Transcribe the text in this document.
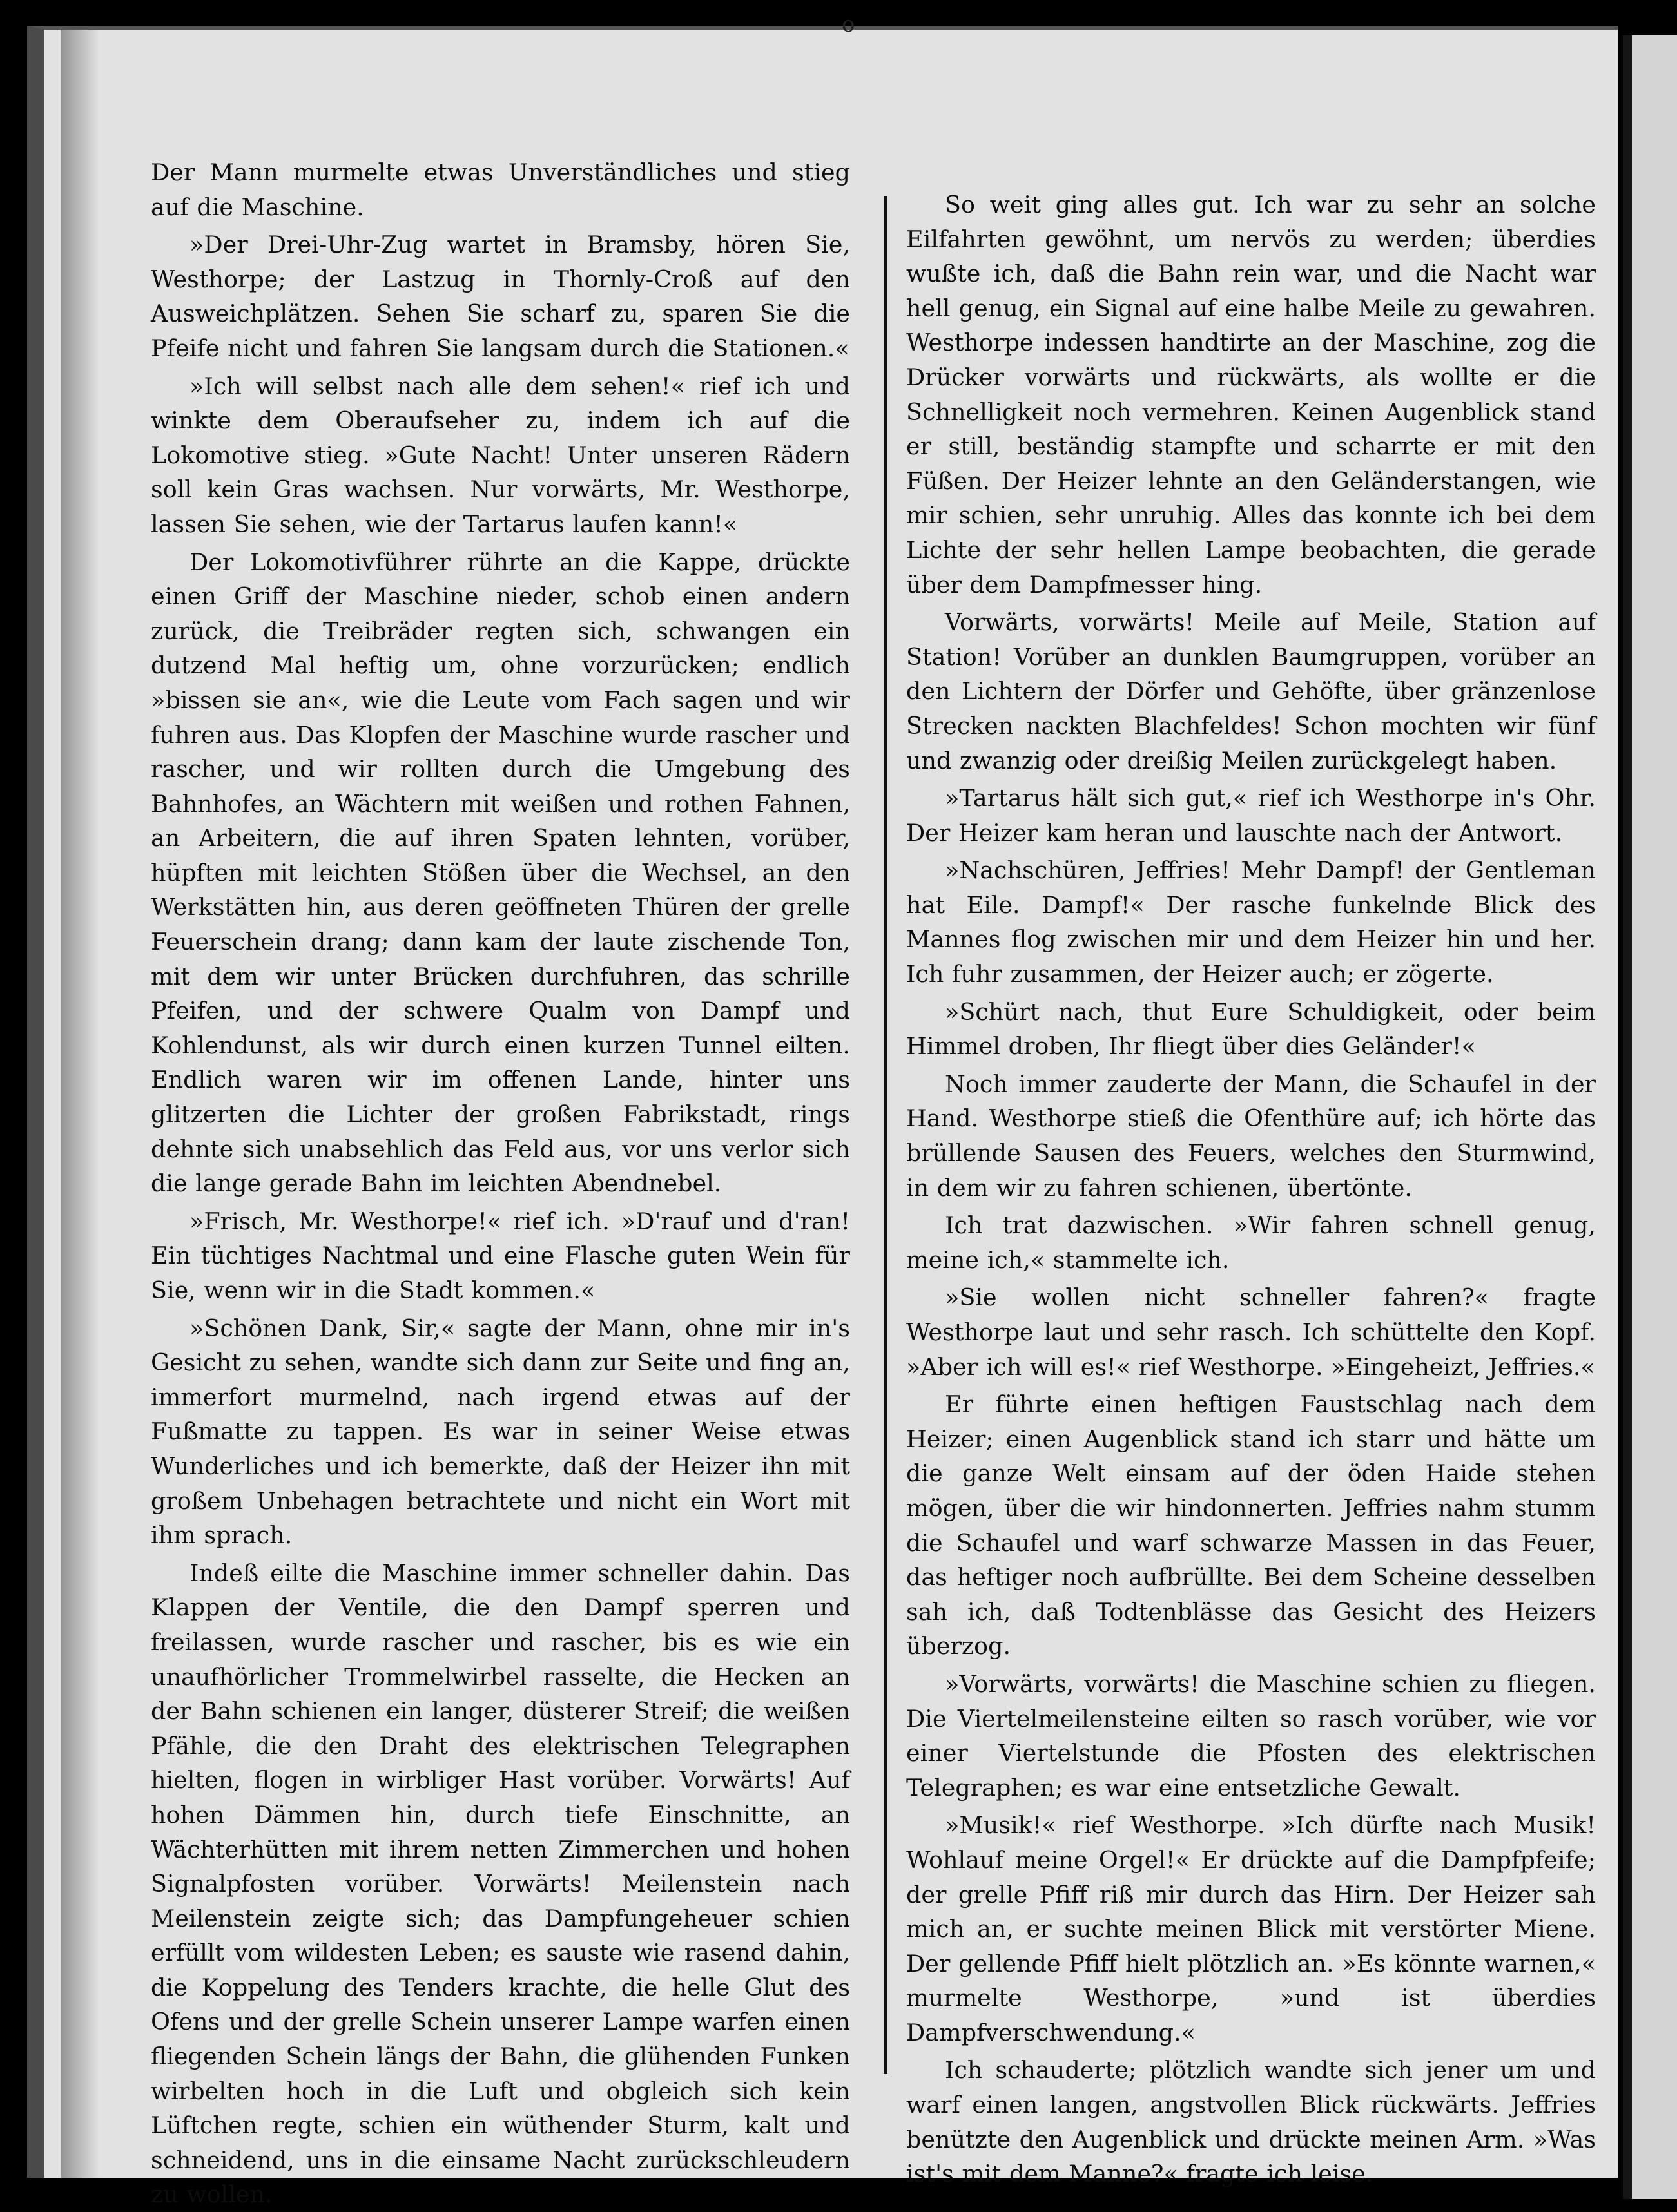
o

Der Mann murmelte etwas Unverständliches und stieg auf die Maschine.

»Der Drei-Uhr-Zug wartet in Bramsby, hören Sie, Westhorpe; der Lastzug in Thornly-Croß auf den Ausweichplätzen. Sehen Sie scharf zu, sparen Sie die Pfeife nicht und fahren Sie langsam durch die Stationen.«

»Ich will selbst nach alle dem sehen!« rief ich und winkte dem Oberaufseher zu, indem ich auf die Lokomotive stieg. »Gute Nacht! Unter unseren Rädern soll kein Gras wachsen. Nur vorwärts, Mr. Westhorpe, lassen Sie sehen, wie der Tartarus laufen kann!«

Der Lokomotivführer rührte an die Kappe, drückte einen Griff der Maschine nieder, schob einen andern zurück, die Treibräder regten sich, schwangen ein dutzend Mal heftig um, ohne vorzurücken; endlich »bissen sie an«, wie die Leute vom Fach sagen und wir fuhren aus. Das Klopfen der Maschine wurde rascher und rascher, und wir rollten durch die Umgebung des Bahnhofes, an Wächtern mit weißen und rothen Fahnen, an Arbeitern, die auf ihren Spaten lehnten, vorüber, hüpften mit leichten Stößen über die Wechsel, an den Werkstätten hin, aus deren geöffneten Thüren der grelle Feuerschein drang; dann kam der laute zischende Ton, mit dem wir unter Brücken durchfuhren, das schrille Pfeifen, und der schwere Qualm von Dampf und Kohlendunst, als wir durch einen kurzen Tunnel eilten. Endlich waren wir im offenen Lande, hinter uns glitzerten die Lichter der großen Fabrikstadt, rings dehnte sich unabsehlich das Feld aus, vor uns verlor sich die lange gerade Bahn im leichten Abendnebel.

»Frisch, Mr. Westhorpe!« rief ich. »D'rauf und d'ran! Ein tüchtiges Nachtmal und eine Flasche guten Wein für Sie, wenn wir in die Stadt kommen.«

»Schönen Dank, Sir,« sagte der Mann, ohne mir in's Gesicht zu sehen, wandte sich dann zur Seite und fing an, immerfort murmelnd, nach irgend etwas auf der Fußmatte zu tappen. Es war in seiner Weise etwas Wunderliches und ich bemerkte, daß der Heizer ihn mit großem Unbehagen betrachtete und nicht ein Wort mit ihm sprach.

Indeß eilte die Maschine immer schneller dahin. Das Klappen der Ventile, die den Dampf sperren und freilassen, wurde rascher und rascher, bis es wie ein unaufhörlicher Trommelwirbel rasselte, die Hecken an der Bahn schienen ein langer, düsterer Streif; die weißen Pfähle, die den Draht des elektrischen Telegraphen hielten, flogen in wirbliger Hast vorüber. Vorwärts! Auf hohen Dämmen hin, durch tiefe Einschnitte, an Wächterhütten mit ihrem netten Zimmerchen und hohen Signalpfosten vorüber. Vorwärts! Meilenstein nach Meilenstein zeigte sich; das Dampfungeheuer schien erfüllt vom wildesten Leben; es sauste wie rasend dahin, die Koppelung des Tenders krachte, die helle Glut des Ofens und der grelle Schein unserer Lampe warfen einen fliegenden Schein längs der Bahn, die glühenden Funken wirbelten hoch in die Luft und obgleich sich kein Lüftchen regte, schien ein wüthender Sturm, kalt und schneidend, uns in die einsame Nacht zurückschleudern zu wollen.

So weit ging alles gut. Ich war zu sehr an solche Eilfahrten gewöhnt, um nervös zu werden; überdies wußte ich, daß die Bahn rein war, und die Nacht war hell genug, ein Signal auf eine halbe Meile zu gewahren. Westhorpe indessen handtirte an der Maschine, zog die Drücker vorwärts und rückwärts, als wollte er die Schnelligkeit noch vermehren. Keinen Augenblick stand er still, beständig stampfte und scharrte er mit den Füßen. Der Heizer lehnte an den Geländerstangen, wie mir schien, sehr unruhig. Alles das konnte ich bei dem Lichte der sehr hellen Lampe beobachten, die gerade über dem Dampfmesser hing.

Vorwärts, vorwärts! Meile auf Meile, Station auf Station! Vorüber an dunklen Baumgruppen, vorüber an den Lichtern der Dörfer und Gehöfte, über gränzenlose Strecken nackten Blachfeldes! Schon mochten wir fünf und zwanzig oder dreißig Meilen zurückgelegt haben.

»Tartarus hält sich gut,« rief ich Westhorpe in's Ohr. Der Heizer kam heran und lauschte nach der Antwort.

»Nachschüren, Jeffries! Mehr Dampf! der Gentleman hat Eile. Dampf!« Der rasche funkelnde Blick des Mannes flog zwischen mir und dem Heizer hin und her. Ich fuhr zusammen, der Heizer auch; er zögerte.

»Schürt nach, thut Eure Schuldigkeit, oder beim Himmel droben, Ihr fliegt über dies Geländer!«

Noch immer zauderte der Mann, die Schaufel in der Hand. Westhorpe stieß die Ofenthüre auf; ich hörte das brüllende Sausen des Feuers, welches den Sturmwind, in dem wir zu fahren schienen, übertönte.

Ich trat dazwischen. »Wir fahren schnell genug, meine ich,« stammelte ich.

»Sie wollen nicht schneller fahren?« fragte Westhorpe laut und sehr rasch. Ich schüttelte den Kopf. »Aber ich will es!« rief Westhorpe. »Eingeheizt, Jeffries.«

Er führte einen heftigen Faustschlag nach dem Heizer; einen Augenblick stand ich starr und hätte um die ganze Welt einsam auf der öden Haide stehen mögen, über die wir hindonnerten. Jeffries nahm stumm die Schaufel und warf schwarze Massen in das Feuer, das heftiger noch aufbrüllte. Bei dem Scheine desselben sah ich, daß Todtenblässe das Gesicht des Heizers überzog.

»Vorwärts, vorwärts! die Maschine schien zu fliegen. Die Viertelmeilensteine eilten so rasch vorüber, wie vor einer Viertelstunde die Pfosten des elektrischen Telegraphen; es war eine entsetzliche Gewalt.

»Musik!« rief Westhorpe. »Ich dürfte nach Musik! Wohlauf meine Orgel!« Er drückte auf die Dampfpfeife; der grelle Pfiff riß mir durch das Hirn. Der Heizer sah mich an, er suchte meinen Blick mit verstörter Miene. Der gellende Pfiff hielt plötzlich an. »Es könnte warnen,« murmelte Westhorpe, »und ist überdies Dampfverschwendung.«

Ich schauderte; plötzlich wandte sich jener um und warf einen langen, angstvollen Blick rückwärts. Jeffries benützte den Augenblick und drückte meinen Arm. »Was ist's mit dem Manne?« fragte ich leise.
